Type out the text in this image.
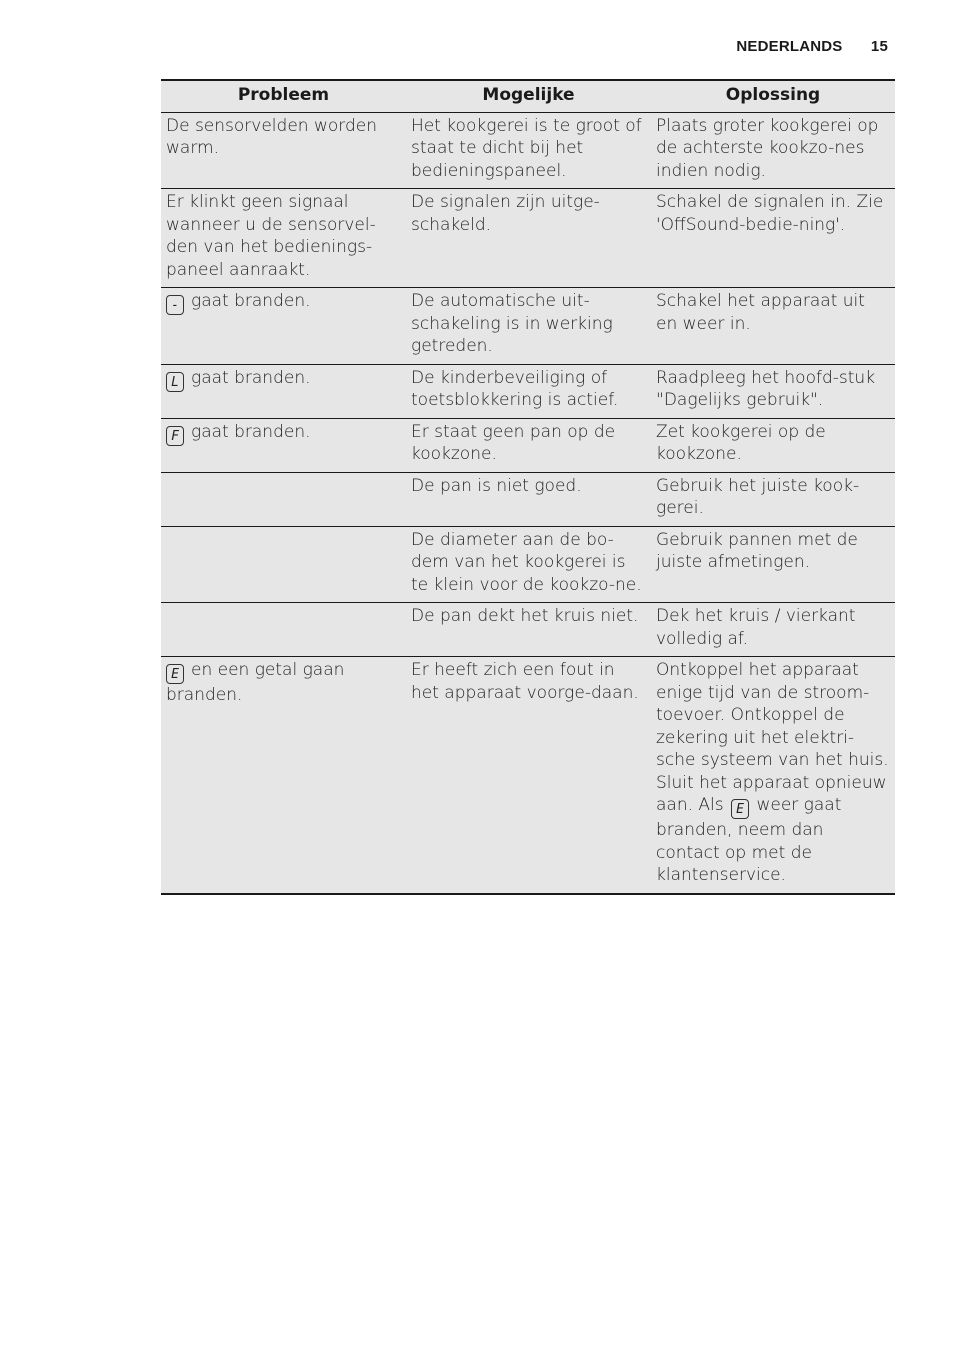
NEDERLANDS 15
Probleem	Mogelijke	Oplossing
De sensorvelden worden warm.	Het kookgerei is te groot of staat te dicht bij het bedieningspaneel.	Plaats groter kookgerei op de achterste kookzo-nes indien nodig.
Er klinkt geen signaal wanneer u de sensorvel-den van het bedienings-paneel aanraakt.	De signalen zijn uitge-schakeld.	Schakel de signalen in. Zie 'OffSound-bedie-ning'.
- gaat branden.	De automatische uit-schakeling is in werking getreden.	Schakel het apparaat uit en weer in.
L gaat branden.	De kinderbeveiliging of toetsblokkering is actief.	Raadpleeg het hoofd-stuk "Dagelijks gebruik".
F gaat branden.	Er staat geen pan op de kookzone.	Zet kookgerei op de kookzone.
	De pan is niet goed.	Gebruik het juiste kook-gerei.
	De diameter aan de bo-dem van het kookgerei is te klein voor de kookzo-ne.	Gebruik pannen met de juiste afmetingen.
	De pan dekt het kruis niet.	Dek het kruis / vierkant volledig af.
E en een getal gaan branden.	Er heeft zich een fout in het apparaat voorge-daan.	Ontkoppel het apparaat enige tijd van de stroom-toevoer. Ontkoppel de zekering uit het elektri-sche systeem van het huis. Sluit het apparaat opnieuw aan. Als E weer gaat branden, neem dan contact op met de klantenservice.
